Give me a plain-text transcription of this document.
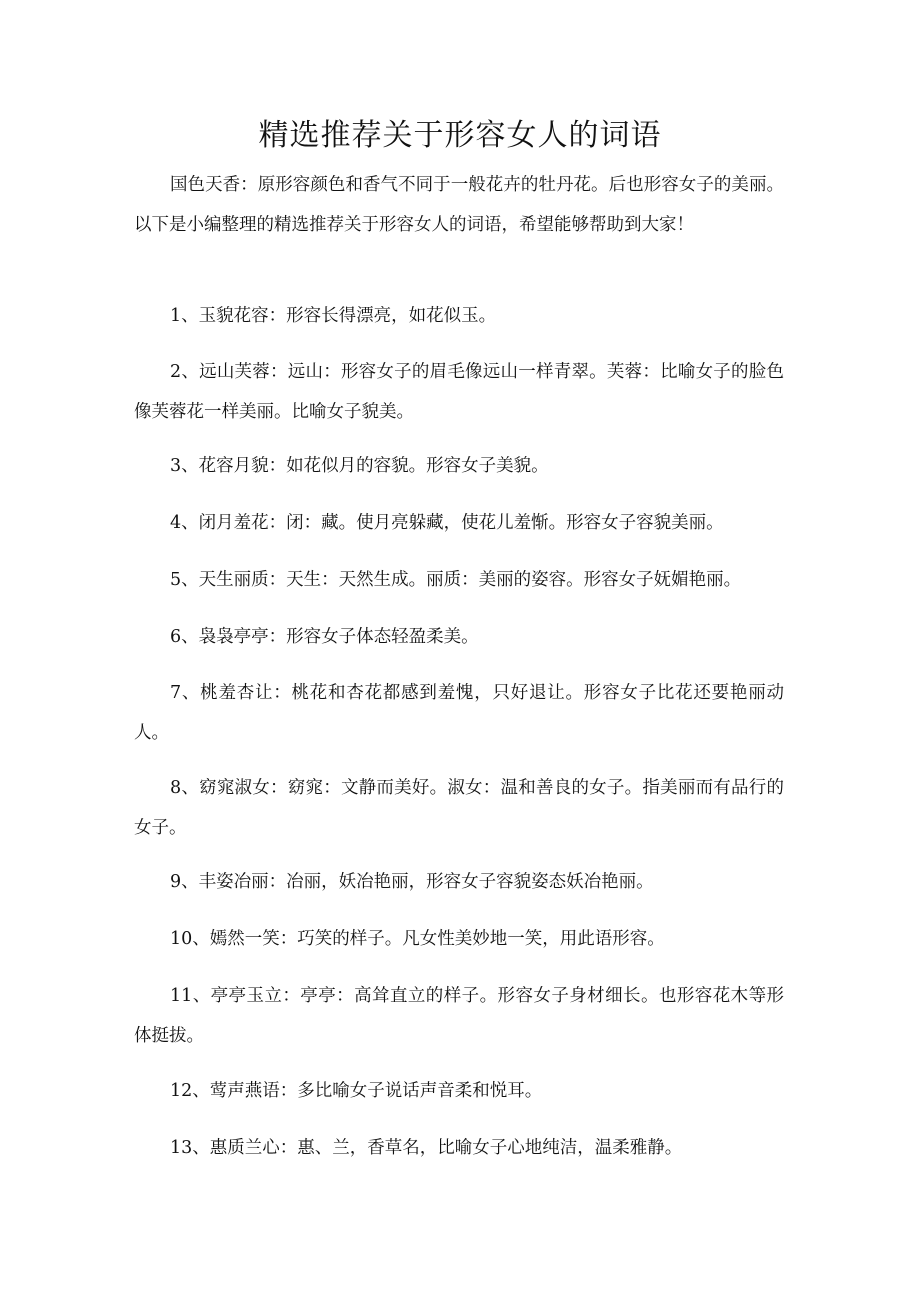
精选推荐关于形容女人的词语

国色天香：原形容颜色和香气不同于一般花卉的牡丹花。后也形容女子的美丽。以下是小编整理的精选推荐关于形容女人的词语，希望能够帮助到大家！

1、玉貌花容：形容长得漂亮，如花似玉。

2、远山芙蓉：远山：形容女子的眉毛像远山一样青翠。芙蓉：比喻女子的脸色像芙蓉花一样美丽。比喻女子貌美。

3、花容月貌：如花似月的容貌。形容女子美貌。

4、闭月羞花：闭：藏。使月亮躲藏，使花儿羞惭。形容女子容貌美丽。

5、天生丽质：天生：天然生成。丽质：美丽的姿容。形容女子妩媚艳丽。

6、袅袅亭亭：形容女子体态轻盈柔美。

7、桃羞杏让：桃花和杏花都感到羞愧，只好退让。形容女子比花还要艳丽动人。

8、窈窕淑女：窈窕：文静而美好。淑女：温和善良的女子。指美丽而有品行的女子。

9、丰姿冶丽：冶丽，妖冶艳丽，形容女子容貌姿态妖冶艳丽。

10、嫣然一笑：巧笑的样子。凡女性美妙地一笑，用此语形容。

11、亭亭玉立：亭亭：高耸直立的样子。形容女子身材细长。也形容花木等形体挺拔。

12、莺声燕语：多比喻女子说话声音柔和悦耳。

13、惠质兰心：惠、兰，香草名，比喻女子心地纯洁，温柔雅静。
